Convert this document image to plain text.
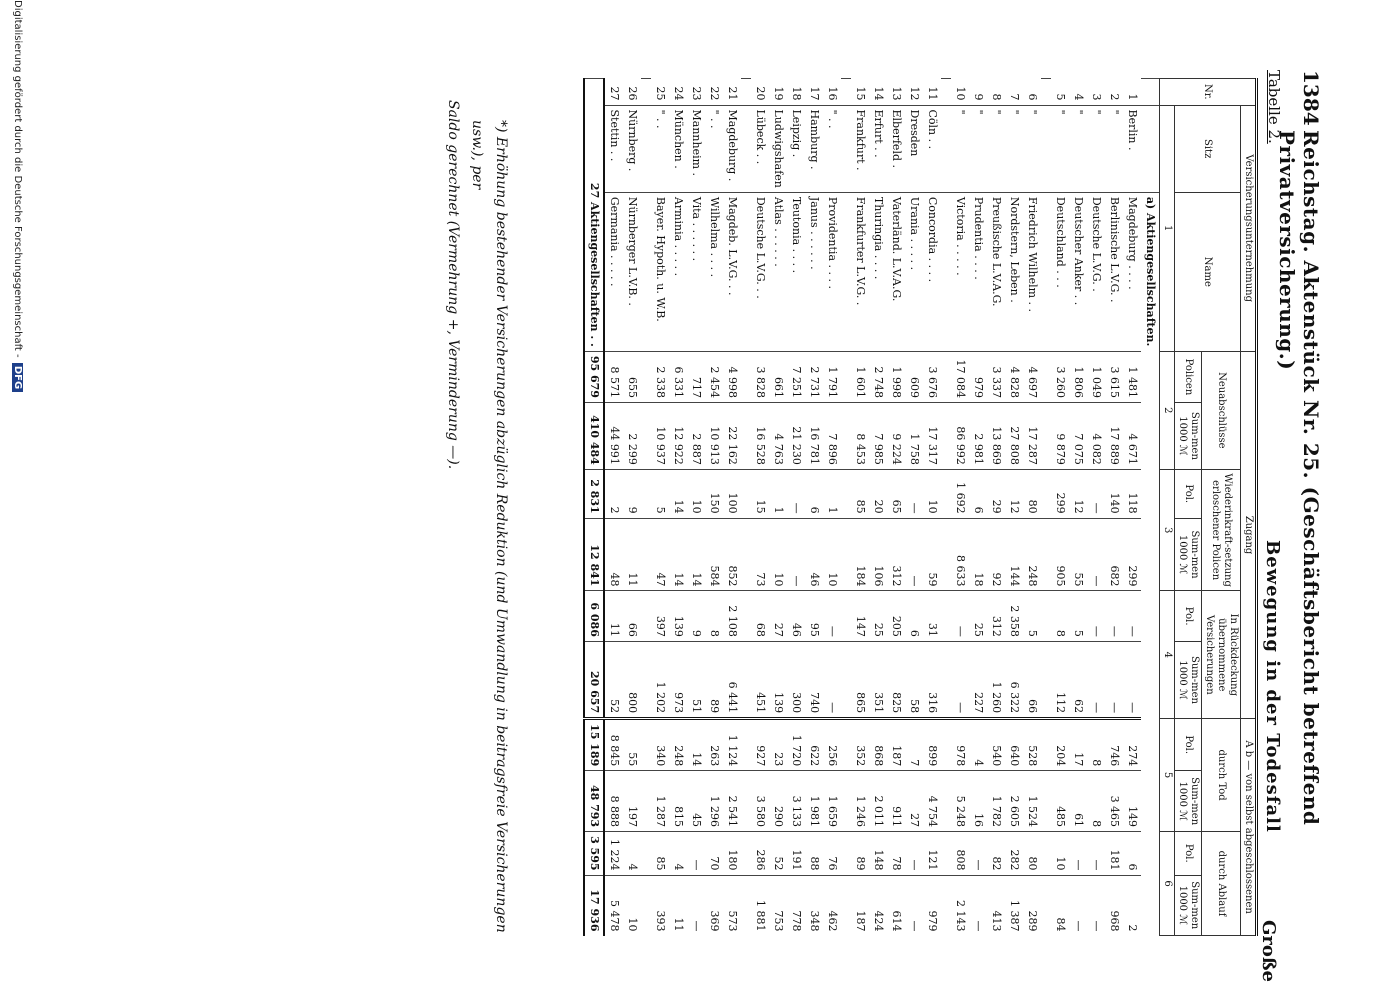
1384
Reichstag. Aktenstück Nr. 25. (Geschäftsbericht betreffend Privatversicherung.)
Tabelle 2.
Bewegung in der Todesfall
Große
Nr.	Versicherungsunternehmung		Zugang						A b — von selbst abgeschlossenen			
	Sitz	Name	Neuabschlüsse		Wiederinkraft-setzung erloschener Policen		In Rückdeckung übernommene Versicherungen		durch Tod		durch Ablauf	
			Policen	Sum-men 1000 ℳ	Pol.	Sum-men 1000 ℳ	Pol.	Sum-men 1000 ℳ	Pol.	Sum-men 1000 ℳ	Pol.	Sum-men 1000 ℳ
	1		2		3		4		5		6	
		a) Aktiengesellschaften.										
1	Berlin .	Magdeburg . . . .	1 481	4 671	118	299	—	—	274	149	6	2
2	"	Berlinische L.V.G. .	3 615	17 889	140	682	—	—	746	3 465	181	968
3	"	Deutsche L.V.G. .	1 049	4 082	—	—	—	—	8	8	—	—
4	"	Deutscher Anker . .	1 806	7 075	12	55	5	62	17	61	—	—
5	"	Deutschland . . .	3 260	9 879	299	905	8	112	204	485	10	84

6	"	Friedrich Wilhelm . .	4 697	17 287	80	248	5	66	528	1 524	80	289
7	"	Nordstern, Leben .	4 828	27 808	12	144	2 358	6 322	640	2 605	282	1 387
8	"	Preußische L.V.A.G.	3 337	13 869	29	92	312	1 260	540	1 782	82	413
9	"	Prudentia . . . .	979	2 981	6	18	25	227	4	16	—	—
10	"	Victoria . . . . .	17 084	86 992	1 692	8 633	—	—	978	5 248	808	2 143

11	Cöln . .	Concordia . . . .	3 676	17 317	10	59	31	316	899	4 754	121	979
12	Dresden	Urania . . . . .	609	1 758	—	—	6	58	7	27	—	—
13	Elberfeld .	Vaterländ. L.V.A.G.	1 998	9 224	65	312	205	825	187	911	78	614
14	Erfurt . .	Thuringia . . . .	2 748	7 985	20	106	25	351	868	2 011	148	424
15	Frankfurt .	Frankfurter L.V.G. .	1 601	8 453	85	184	147	865	352	1 246	89	187

16	" . .	Providentia . . . .	1 791	7 896	1	10	—	—	256	1 659	76	462
17	Hamburg .	Janus . . . . . .	2 731	16 781	6	46	95	740	622	1 981	88	348
18	Leipzig .	Teutonia . . . .	7 251	21 230	—	—	46	300	1 720	3 133	191	778
19	Ludwigshafen	Atlas . . . . . .	661	4 763	1	10	27	139	23	290	52	753
20	Lübeck . .	Deutsche L.V.G. . .	3 828	16 528	15	73	68	451	927	3 580	286	1 881

21	Magdeburg .	Magdeb. L.V.G. . .	4 998	22 162	100	852	2 108	6 441	1 124	2 541	180	573
22	" . .	Wilhelma . . . .	2 454	10 913	150	584	8	89	263	1 296	70	369
23	Mannheim .	Vita . . . . . .	717	2 887	10	14	9	51	14	45	—	—
24	München .	Arminia . . . . .	6 331	12 922	14	14	139	973	248	815	4	11
25	" . .	Bayer. Hypoth. u. W.B.	2 338	10 937	5	47	397	1 202	340	1 287	85	393

26	Nürnberg .	Nürnberger L.V.B. .	655	2 299	9	11	66	800	55	197	4	10
27	Stettin . .	Germania . . . . .	8 571	44 991	2	48	11	52	8 845	8 888	1 224	5 478
27 Aktiengesellschaften . .			95 679	410 484	2 831	12 841	6 086	20 657	15 189	48 793	3 595	17 936
*) Erhöhung bestehender Versicherungen abzüglich Reduktion (und Umwandlung in beitragsfreie Versicherungen usw.), per
Saldo gerechnet (Vermehrung +, Verminderung —).
Digitalisierung gefördert durch die Deutsche Forschungsgemeinschaft - DFG
